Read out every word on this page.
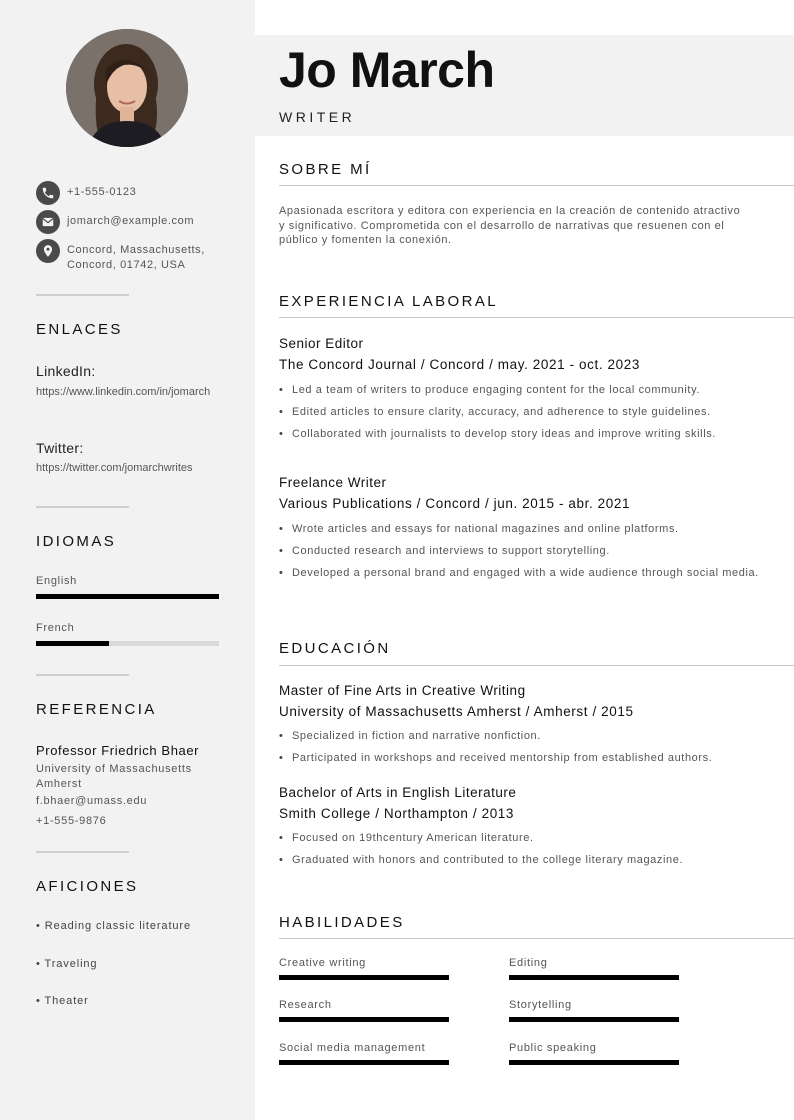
+1-555-0123
jomarch@example.com
Concord, Massachusetts,
Concord, 01742, USA
ENLACES
LinkedIn:
https://www.linkedin.com/in/jomarch
Twitter:
https://twitter.com/jomarchwrites
IDIOMAS
English
French
REFERENCIA
Professor Friedrich Bhaer
University of Massachusetts Amherst
f.bhaer@umass.edu
+1-555-9876
AFICIONES
• Reading classic literature
• Traveling
• Theater
Jo March
WRITER
SOBRE MÍ
Apasionada escritora y editora con experiencia en la creación de contenido atractivo y significativo. Comprometida con el desarrollo de narrativas que resuenen con el público y fomenten la conexión.
EXPERIENCIA LABORAL
Senior Editor
The Concord Journal / Concord / may. 2021 - oct. 2023
• Led a team of writers to produce engaging content for the local community.
• Edited articles to ensure clarity, accuracy, and adherence to style guidelines.
• Collaborated with journalists to develop story ideas and improve writing skills.
Freelance Writer
Various Publications / Concord / jun. 2015 - abr. 2021
• Wrote articles and essays for national magazines and online platforms.
• Conducted research and interviews to support storytelling.
• Developed a personal brand and engaged with a wide audience through social media.
EDUCACIÓN
Master of Fine Arts in Creative Writing
University of Massachusetts Amherst / Amherst / 2015
• Specialized in fiction and narrative nonfiction.
• Participated in workshops and received mentorship from established authors.
Bachelor of Arts in English Literature
Smith College / Northampton / 2013
• Focused on 19thcentury American literature.
• Graduated with honors and contributed to the college literary magazine.
HABILIDADES
Creative writing	Editing
Research	Storytelling
Social media management	Public speaking
